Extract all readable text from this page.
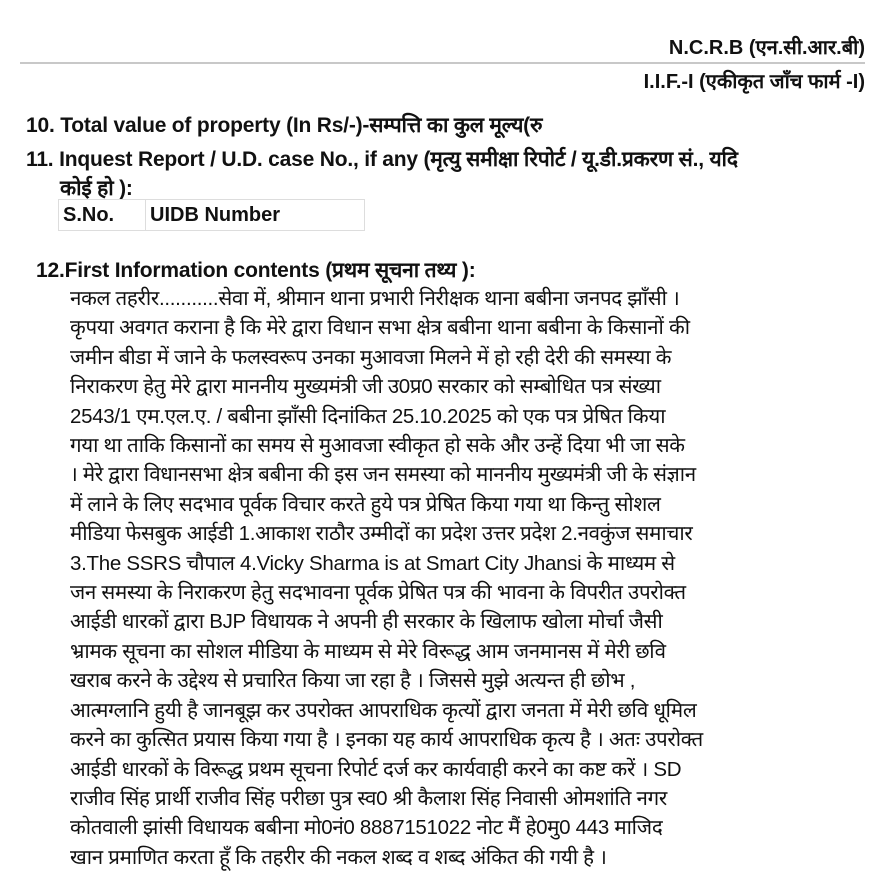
N.C.R.B (एन.सी.आर.बी)
I.I.F.-I (एकीकृत जाँच फार्म -I)
10. Total value of property (In Rs/-)-सम्पत्ति का कुल मूल्य(रु
11. Inquest Report / U.D. case No., if any (मृत्यु समीक्षा रिपोर्ट / यू.डी.प्रकरण सं., यदि
कोई हो ):
S.No.	UIDB Number
12.First Information contents (प्रथम सूचना तथ्य ):
नकल तहरीर...........सेवा में, श्रीमान थाना प्रभारी निरीक्षक थाना बबीना जनपद झाँसी ।
कृपया अवगत कराना है कि मेरे द्वारा विधान सभा क्षेत्र बबीना थाना बबीना के किसानों की
जमीन बीडा में जाने के फलस्वरूप उनका मुआवजा मिलने में हो रही देरी की समस्या के
निराकरण हेतु मेरे द्वारा माननीय मुख्यमंत्री जी उ0प्र0 सरकार को सम्बोधित पत्र संख्या
2543/1 एम.एल.ए. / बबीना झाँसी दिनांकित 25.10.2025 को एक पत्र प्रेषित किया
गया था ताकि किसानों का समय से मुआवजा स्वीकृत हो सके और उन्हें दिया भी जा सके
। मेरे द्वारा विधानसभा क्षेत्र बबीना की इस जन समस्या को माननीय मुख्यमंत्री जी के संज्ञान
में लाने के लिए सदभाव पूर्वक विचार करते हुये पत्र प्रेषित किया गया था किन्तु सोशल
मीडिया फेसबुक आईडी 1.आकाश राठौर उम्मीदों का प्रदेश उत्तर प्रदेश 2.नवकुंज समाचार
3.The SSRS चौपाल 4.Vicky Sharma is at Smart City Jhansi के माध्यम से
जन समस्या के निराकरण हेतु सदभावना पूर्वक प्रेषित पत्र की भावना के विपरीत उपरोक्त
आईडी धारकों द्वारा BJP विधायक ने अपनी ही सरकार के खिलाफ खोला मोर्चा जैसी
भ्रामक सूचना का सोशल मीडिया के माध्यम से मेरे विरूद्ध आम जनमानस में मेरी छवि
खराब करने के उद्देश्य से प्रचारित किया जा रहा है । जिससे मुझे अत्यन्त ही छोभ ,
आत्मग्लानि हुयी है जानबूझ कर उपरोक्त आपराधिक कृत्यों द्वारा जनता में मेरी छवि धूमिल
करने का कुत्सित प्रयास किया गया है । इनका यह कार्य आपराधिक कृत्य है । अतः उपरोक्त
आईडी धारकों के विरूद्ध प्रथम सूचना रिपोर्ट दर्ज कर कार्यवाही करने का कष्ट करें । SD
राजीव सिंह प्रार्थी राजीव सिंह परीछा पुत्र स्व0 श्री कैलाश सिंह निवासी ओमशांति नगर
कोतवाली झांसी विधायक बबीना मो0नं0 8887151022 नोट मैं हे0मु0 443 माजिद
खान प्रमाणित करता हूँ कि तहरीर की नकल शब्द व शब्द अंकित की गयी है ।
